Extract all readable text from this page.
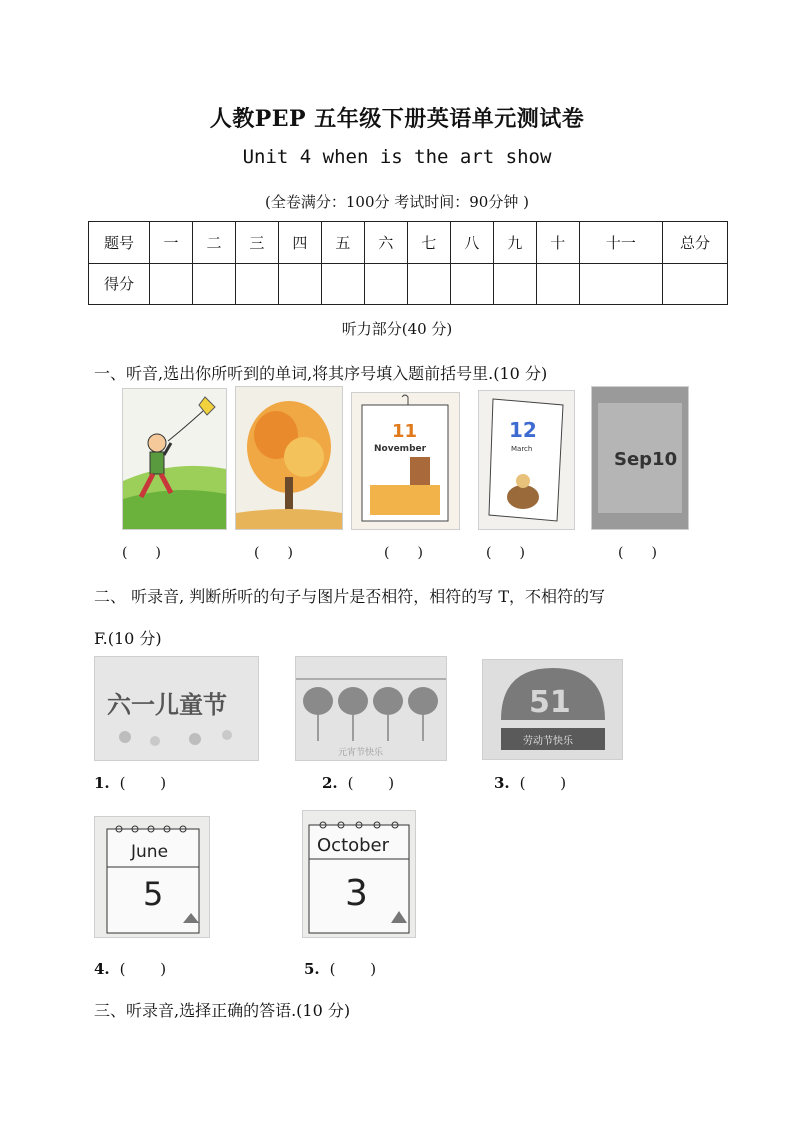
人教PEP 五年级下册英语单元测试卷
Unit 4 when is the art show
(全卷满分：100分 考试时间：90分钟 )
题号	一	二	三	四	五	六	七	八	九	十	十一	总分
得分												
听力部分(40 分)
一、听音,选出你所听到的单词,将其序号填入题前括号里.(10 分)
11
November
12
March	Sep10
(　　)	(　　)	(　　)	(　　)	(　　)
二、 听录音, 判断所听的句子与图片是否相符，相符的写 T，不相符的写
F.(10 分)
六一儿童节
元宵节快乐
51
劳动节快乐
1. (　　 )	2. (　　 )	3. (　　 )
June
5
October
3
4. (　　 )	5. (　　 )
三、听录音,选择正确的答语.(10 分)
